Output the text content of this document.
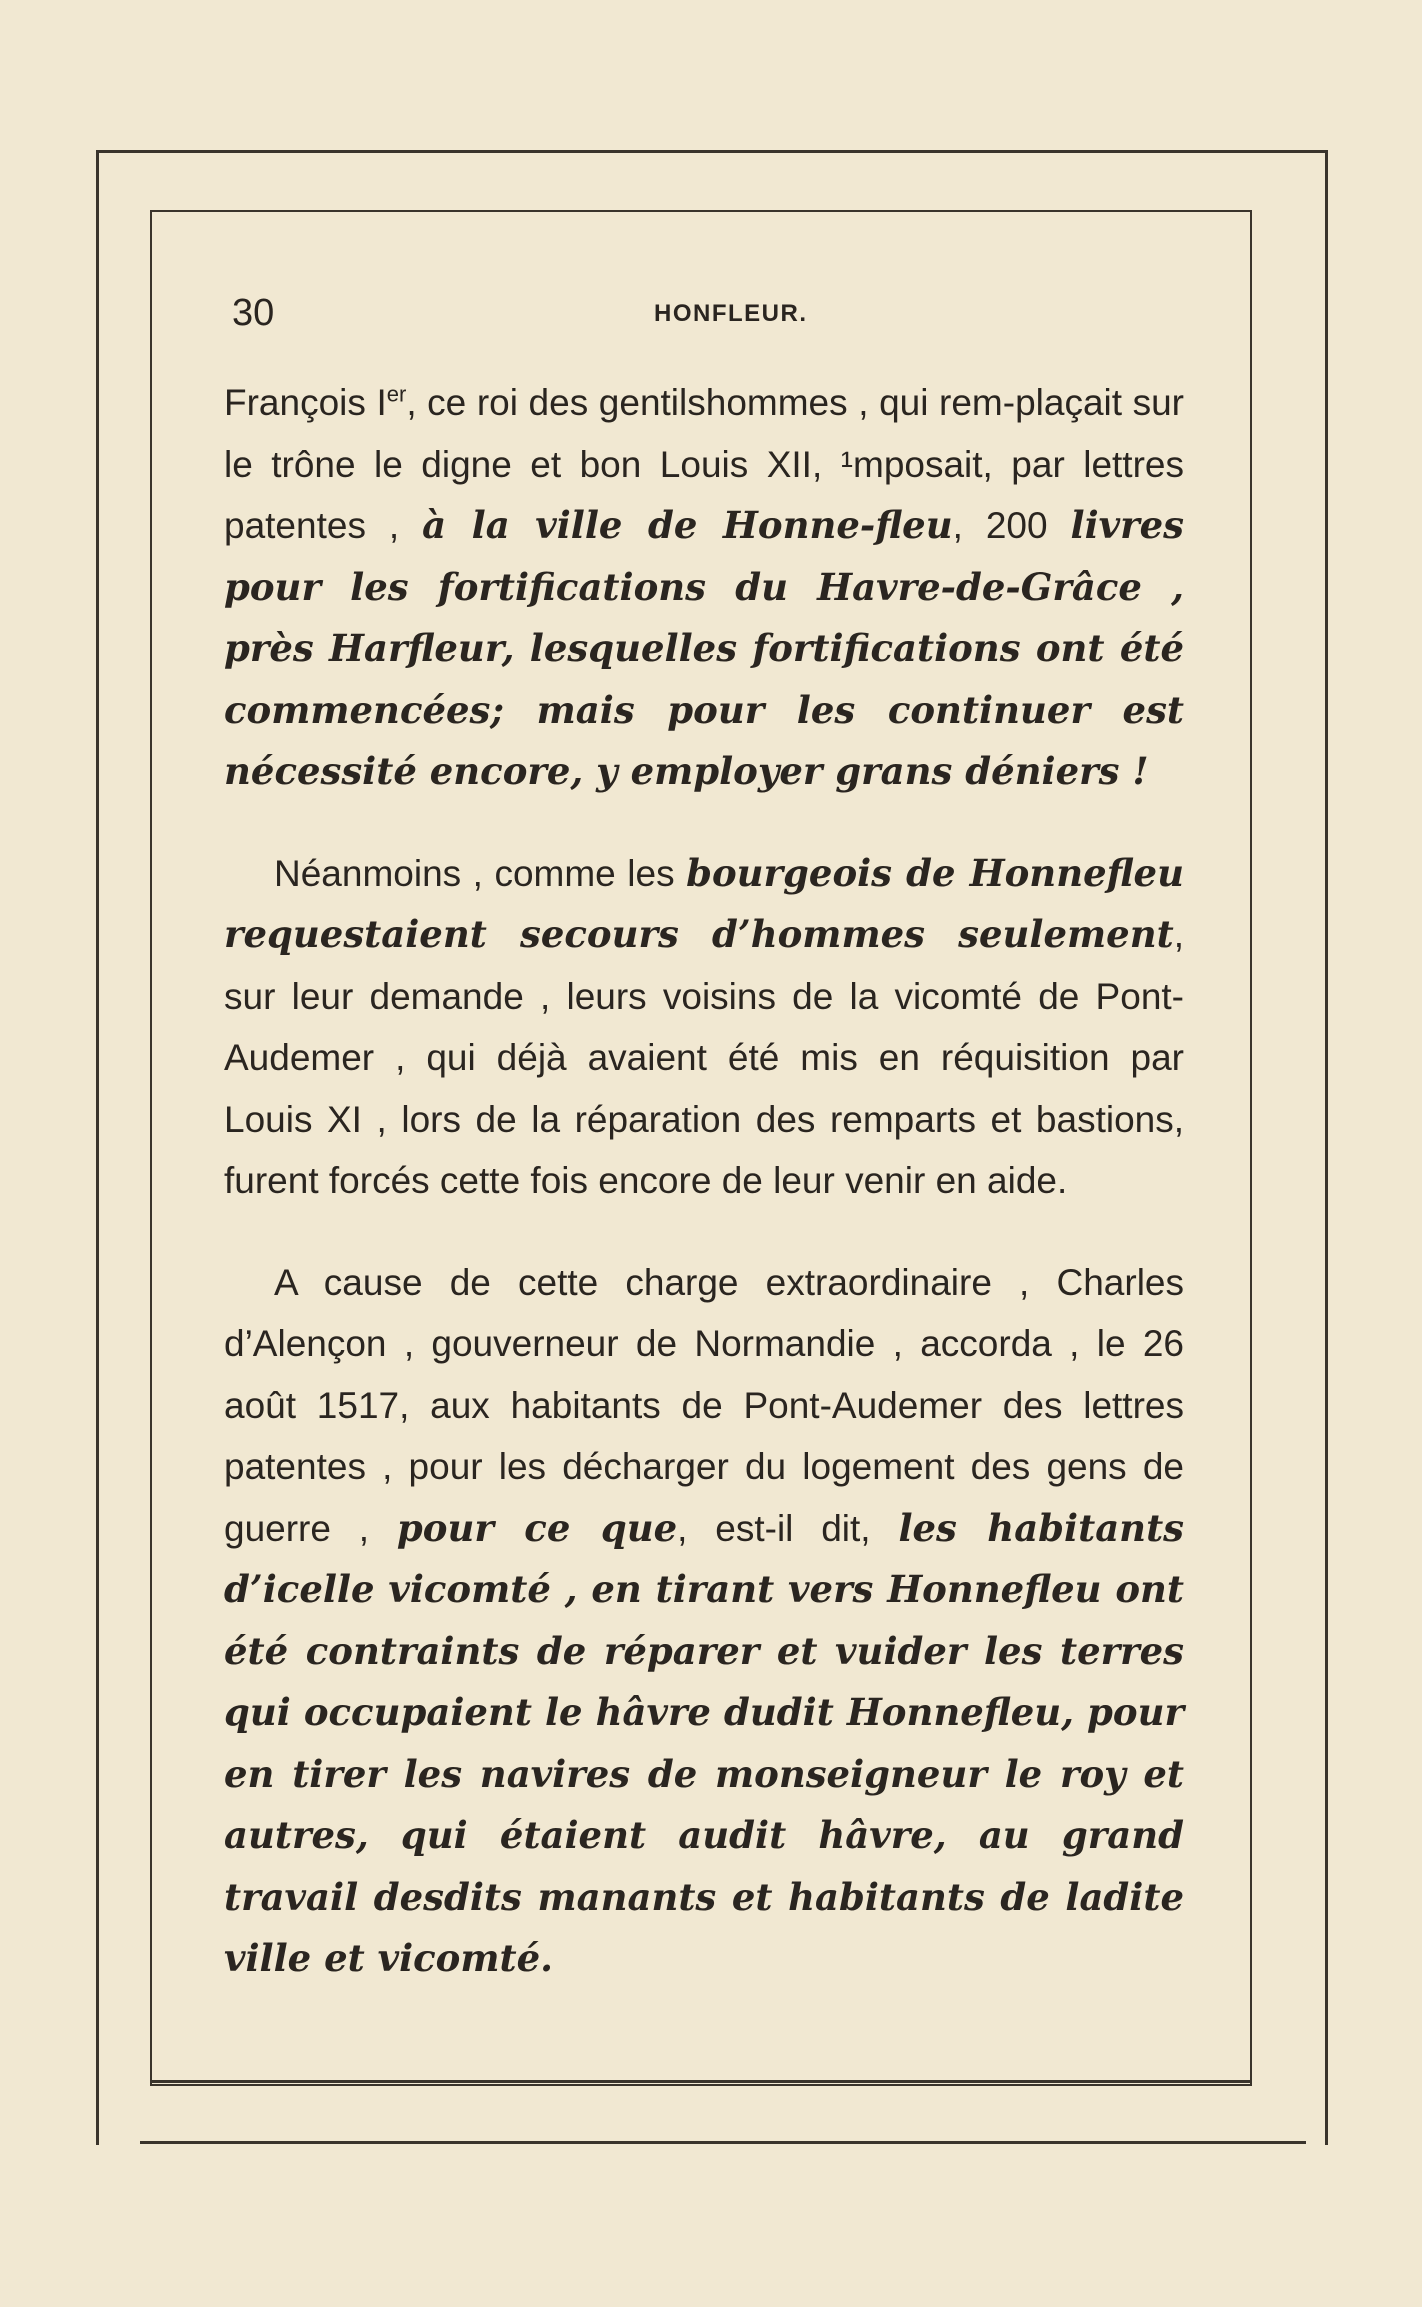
30	HONFLEUR.

François Ier, ce roi des gentilshommes , qui rem-plaçait sur le trône le digne et bon Louis XII, ¹mposait, par lettres patentes , à la ville de Honne-fleu, 200 livres pour les fortifications du Havre-de-Grâce , près Harfleur, lesquelles fortifications ont été commencées; mais pour les continuer est nécessité encore, y employer grans déniers !

Néanmoins , comme les bourgeois de Honnefleu requestaient secours d’hommes seulement, sur leur demande , leurs voisins de la vicomté de Pont-Audemer , qui déjà avaient été mis en réquisition par Louis XI , lors de la réparation des remparts et bastions, furent forcés cette fois encore de leur venir en aide.

A cause de cette charge extraordinaire , Charles d’Alençon , gouverneur de Normandie , accorda , le 26 août 1517, aux habitants de Pont-Audemer des lettres patentes , pour les décharger du logement des gens de guerre , pour ce que, est-il dit, les habitants d’icelle vicomté , en tirant vers Honnefleu ont été contraints de réparer et vuider les terres qui occupaient le hâvre dudit Honnefleu, pour en tirer les navires de monseigneur le roy et autres, qui étaient audit hâvre, au grand travail desdits manants et habitants de ladite ville et vicomté.
